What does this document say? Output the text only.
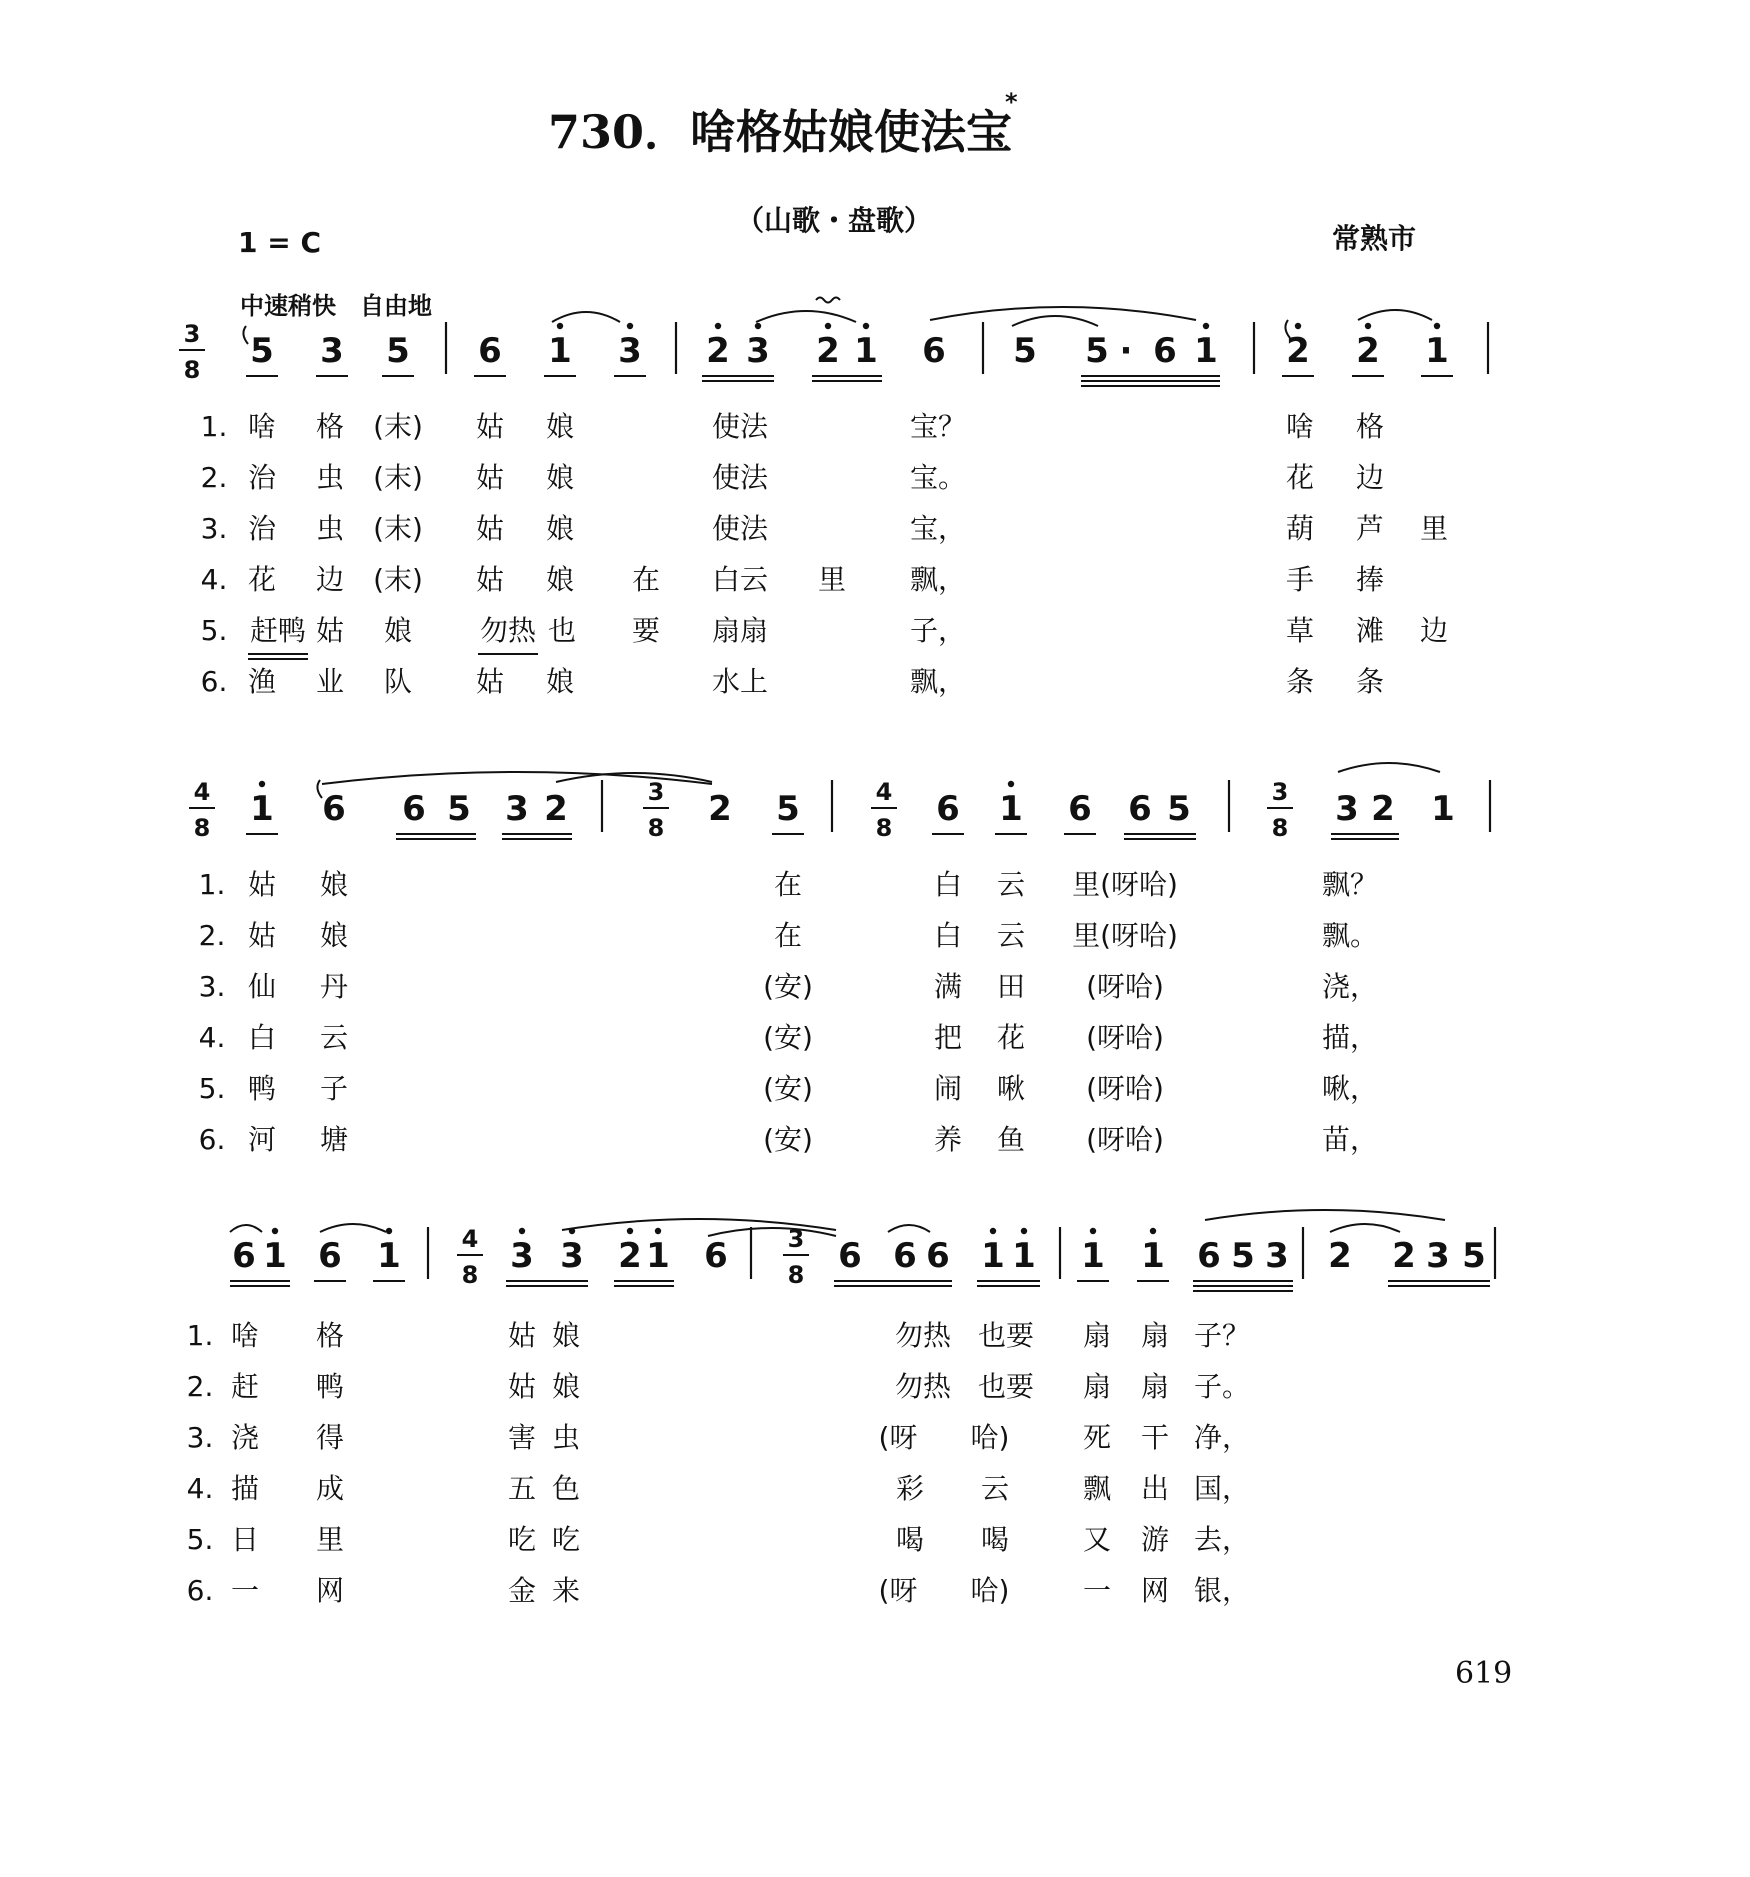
730．啥格姑娘使法宝
*
（山歌・盘歌）
1 = C	常熟市
中速稍快　自由地
5 3 5 6 1 3 2 3 2 1 6 5 5 · 6 1 2 2 1
1 6 6 5 3 2	2 5	6 1 6 6 5	3 2 1
6 1 6 1	3 3 2 1 6	6 6 6 1 1 1 1 6 5 3 2 2 3 5
3
8
4
8
3
8
4
8
3
8
4
8
3
8
1. 啥 格 (末) 姑 娘	使法	宝？	啥 格
2. 治 虫 (末) 姑 娘	使法	宝。	花 边
3. 治 虫 (末) 姑 娘	使法	宝，	葫 芦 里
4. 花 边 (末) 姑 娘 在 白云 里 飘，	手 捧
5. 赶鸭 姑 娘 勿热 也 要 扇扇	子，	草 滩 边
6. 渔 业 队 姑 娘	水上	飘，	条 条
1. 姑 娘	在	白 云 里(呀哈)	飘？
2. 姑 娘	在	白 云 里(呀哈)	飘。
3. 仙 丹	(安)	满 田 (呀哈)	浇，
4. 白 云	(安)	把 花 (呀哈)	描，
5. 鸭 子	(安)	闹 啾 (呀哈)	啾，
6. 河 塘	(安)	养 鱼 (呀哈)	苗，
1. 啥 格	姑 娘	勿热 也要 扇 扇 子？
2. 赶 鸭	姑 娘	勿热 也要 扇 扇 子。
3. 浇 得	害 虫	(呀 哈)	死 干 净，
4. 描 成	五 色	彩 云	飘 出 国，
5. 日 里	吃 吃	喝 喝	又 游 去，
6. 一 网	金 来	(呀 哈)	一 网 银，
619
